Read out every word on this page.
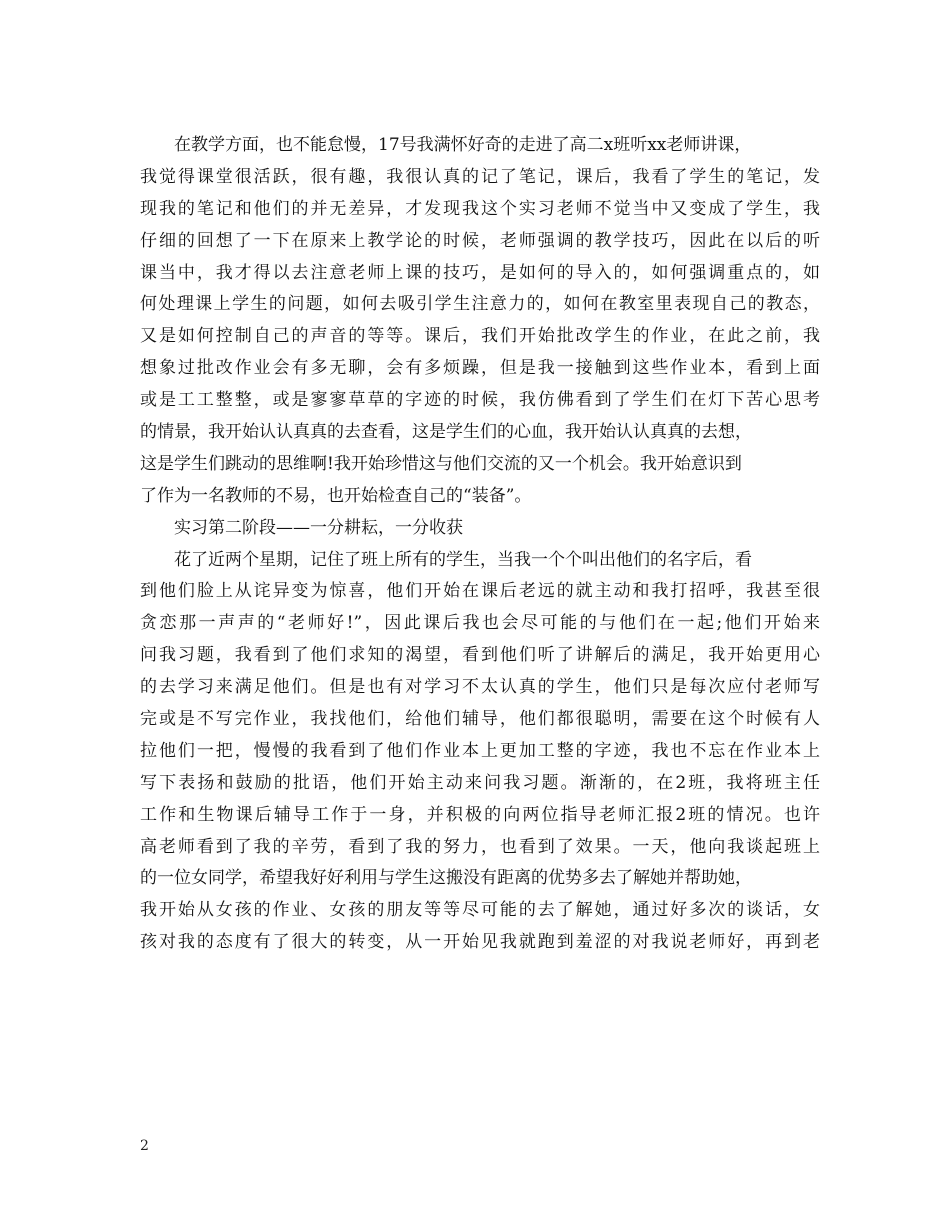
在教学方面，也不能怠慢，17号我满怀好奇的走进了高二x班听xx老师讲课，
我觉得课堂很活跃，很有趣，我很认真的记了笔记，课后，我看了学生的笔记，发
现我的笔记和他们的并无差异，才发现我这个实习老师不觉当中又变成了学生，我
仔细的回想了一下在原来上教学论的时候，老师强调的教学技巧，因此在以后的听
课当中，我才得以去注意老师上课的技巧，是如何的导入的，如何强调重点的，如
何处理课上学生的问题，如何去吸引学生注意力的，如何在教室里表现自己的教态，
又是如何控制自己的声音的等等。课后，我们开始批改学生的作业，在此之前，我
想象过批改作业会有多无聊，会有多烦躁，但是我一接触到这些作业本，看到上面
或是工工整整，或是寥寥草草的字迹的时候，我仿佛看到了学生们在灯下苦心思考
的情景，我开始认认真真的去查看，这是学生们的心血，我开始认认真真的去想，
这是学生们跳动的思维啊!我开始珍惜这与他们交流的又一个机会。我开始意识到
了作为一名教师的不易，也开始检查自己的“装备”。
实习第二阶段——一分耕耘，一分收获
花了近两个星期，记住了班上所有的学生，当我一个个叫出他们的名字后，看
到他们脸上从诧异变为惊喜，他们开始在课后老远的就主动和我打招呼，我甚至很
贪恋那一声声的“老师好!”，因此课后我也会尽可能的与他们在一起;他们开始来
问我习题，我看到了他们求知的渴望，看到他们听了讲解后的满足，我开始更用心
的去学习来满足他们。但是也有对学习不太认真的学生，他们只是每次应付老师写
完或是不写完作业，我找他们，给他们辅导，他们都很聪明，需要在这个时候有人
拉他们一把，慢慢的我看到了他们作业本上更加工整的字迹，我也不忘在作业本上
写下表扬和鼓励的批语，他们开始主动来问我习题。渐渐的，在2班，我将班主任
工作和生物课后辅导工作于一身，并积极的向两位指导老师汇报2班的情况。也许
高老师看到了我的辛劳，看到了我的努力，也看到了效果。一天，他向我谈起班上
的一位女同学，希望我好好利用与学生这搬没有距离的优势多去了解她并帮助她，
我开始从女孩的作业、女孩的朋友等等尽可能的去了解她，通过好多次的谈话，女
孩对我的态度有了很大的转变，从一开始见我就跑到羞涩的对我说老师好，再到老
2
